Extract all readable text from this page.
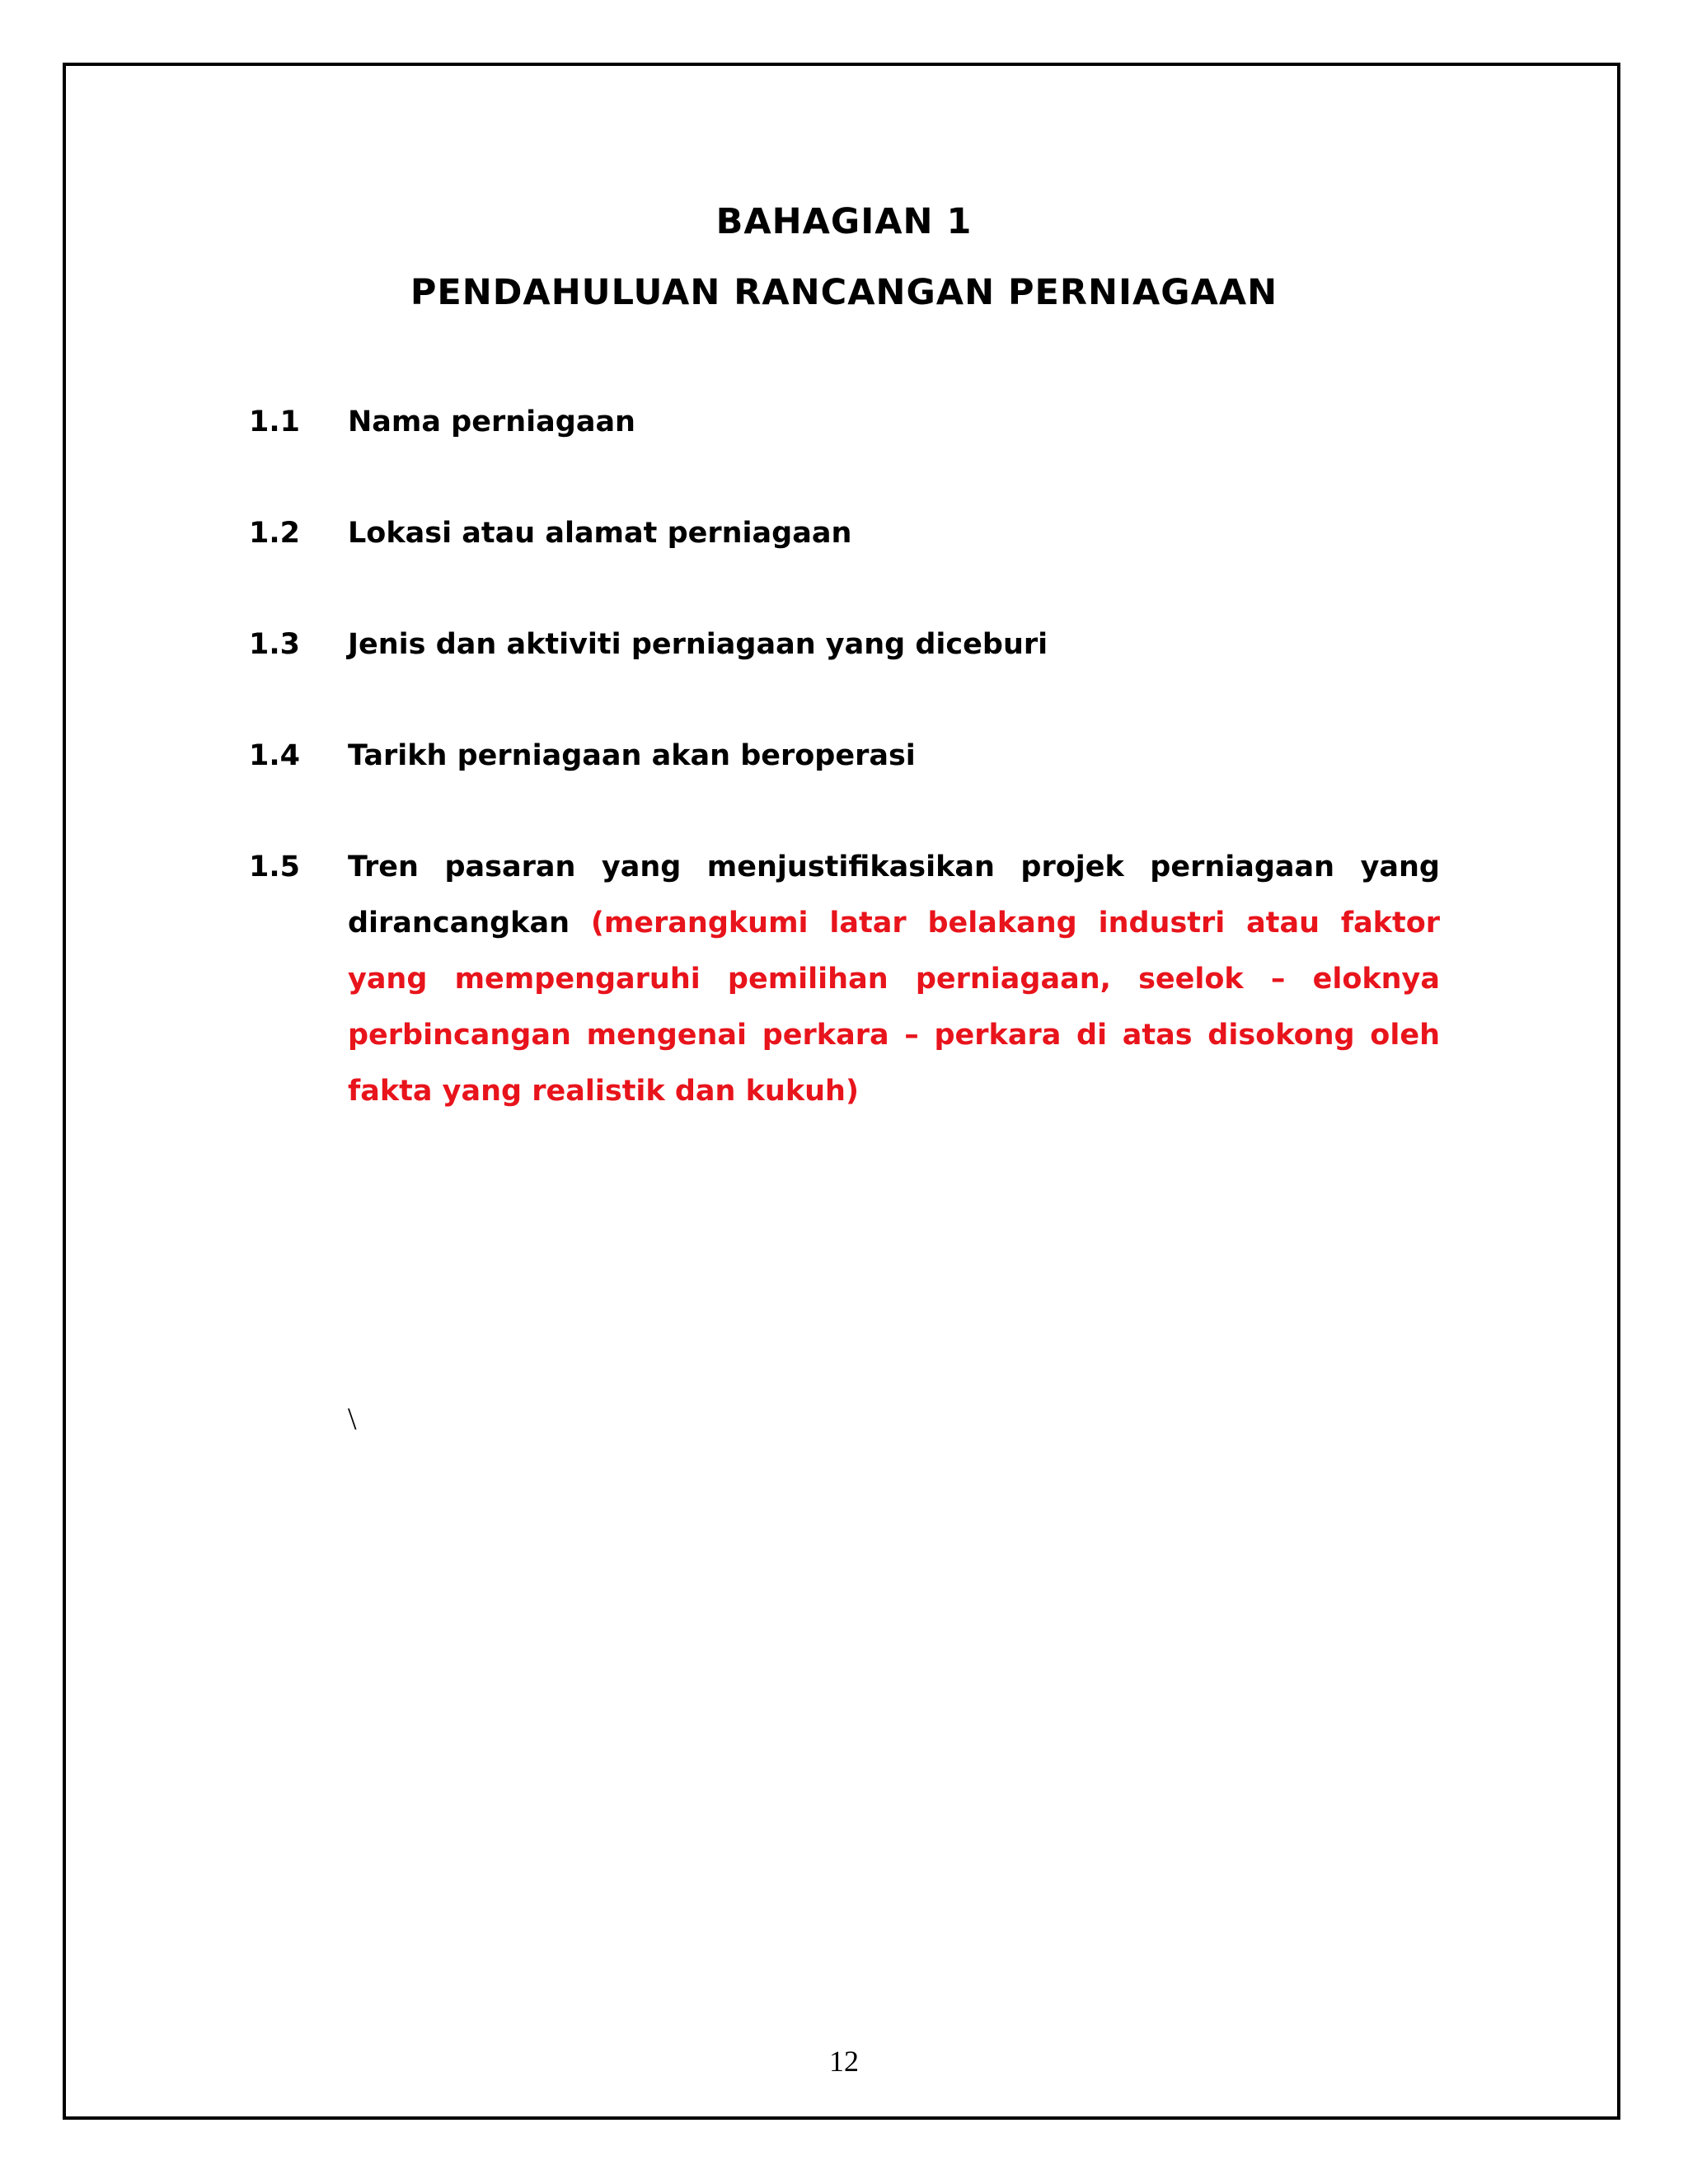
BAHAGIAN 1
PENDAHULUAN RANCANGAN PERNIAGAAN
1.1	Nama perniagaan
1.2	Lokasi atau alamat perniagaan
1.3	Jenis dan aktiviti perniagaan yang diceburi
1.4	Tarikh perniagaan akan beroperasi
1.5	Tren pasaran yang menjustifikasikan projek perniagaan yang dirancangkan (merangkumi latar belakang industri atau faktor yang mempengaruhi pemilihan perniagaan, seelok – eloknya perbincangan mengenai perkara – perkara di atas disokong oleh fakta yang realistik dan kukuh)
\
12
